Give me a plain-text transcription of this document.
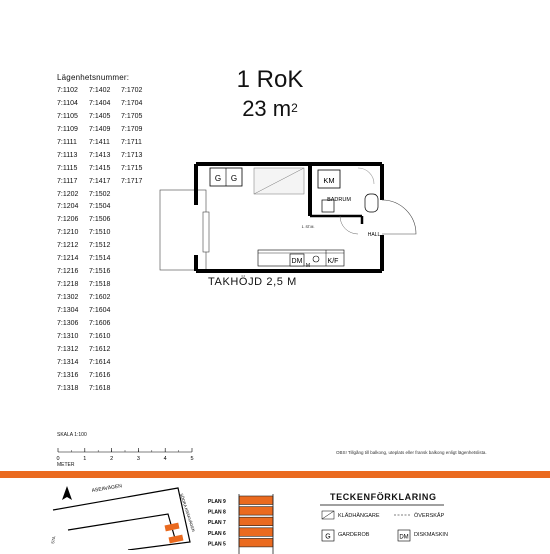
Lägenhetsnummer:
7:1102	7:1402	7:1702
7:1104	7:1404	7:1704
7:1105	7:1405	7:1705
7:1109	7:1409	7:1709
7:1111	7:1411	7:1711
7:1113	7:1413	7:1713
7:1115	7:1415	7:1715
7:1117	7:1417	7:1717
7:1202	7:1502
7:1204	7:1504
7:1206	7:1506
7:1210	7:1510
7:1212	7:1512
7:1214	7:1514
7:1216	7:1516
7:1218	7:1518
7:1302	7:1602
7:1304	7:1604
7:1306	7:1606
7:1310	7:1610
7:1312	7:1612
7:1314	7:1614
7:1316	7:1616
7:1318	7:1618
1 RoK
23 $m^2$
G G	KM
BADRUM
1. ST.M.
HALL
DM
M
K/F
TAKHÖJD 2,5 M
SKALA 1:100
0	1	2	3	4	5
METER
OBS! Tillgång till balkong, uteplats eller fransk balkong enligt lägenhetslista.
ASEAVÄGEN
SÖDRA KRÄKVÄGEN
STA
PLAN 9
PLAN 8
PLAN 7
PLAN 6
PLAN 5
TECKENFÖRKLARING
G	DM
KLÄDHÄNGARE	ÖVERSKÅP
GARDEROB	DISKMASKIN
